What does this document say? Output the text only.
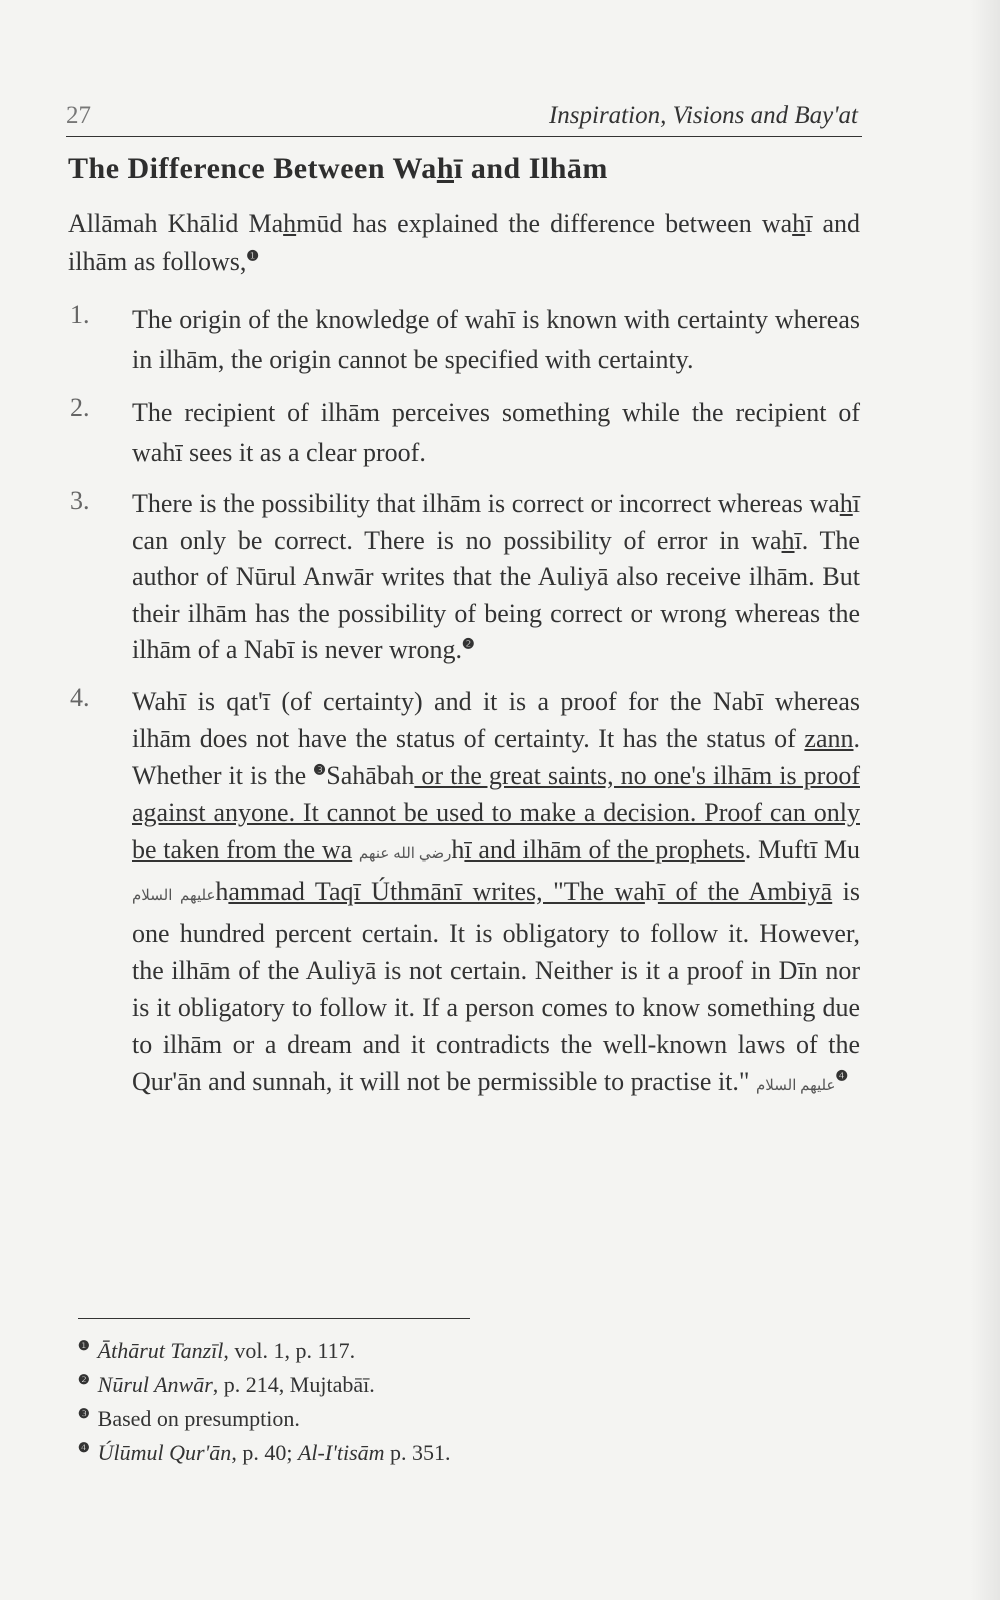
27	Inspiration, Visions and Bay'at
The Difference Between Wahī and Ilhām

Allāmah Khālid Mahmūd has explained the difference between wahī and ilhām as follows,$^❶$

1. The origin of the knowledge of wahī is known with certainty whereas in ilhām, the origin cannot be specified with certainty.
2. The recipient of ilhām perceives something while the recipient of wahī sees it as a clear proof.
3. There is the possibility that ilhām is correct or incorrect whereas wahī can only be correct. There is no possibility of error in wahī. The author of Nūrul Anwār writes that the Auliyā also receive ilhām. But their ilhām has the possibility of being correct or wrong whereas the ilhām of a Nabī is never wrong.$^❷$
4. Wahī is qat'ī (of certainty) and it is a proof for the Nabī whereas ilhām does not have the status of certainty. It has the status of zann. Whether it is the $^❸$Sahābah or the great saints, no one's ilhām is proof against anyone. It cannot be used to make a decision. Proof can only be taken from the wa رضي الله عنهمhī and ilhām of the prophets. Muftī Mu عليهم السلامhammad Taqī Úthmānī writes, "The wahī of the Ambiyā is one hundred percent certain. It is obligatory to follow it. However, the ilhām of the Auliyā is not certain. Neither is it a proof in Dīn nor is it obligatory to follow it. If a person comes to know something due to ilhām or a dream and it contradicts the well-known laws of the Qur'ān and sunnah, it will not be permissible to practise it." عليهم السلام$^❹$
$^❶$ Āthārut Tanzīl, vol. 1, p. 117.
$^❷$ Nūrul Anwār, p. 214, Mujtabāī.
$^❸$ Based on presumption.
$^❹$ Úlūmul Qur'ān, p. 40; Al-I'tisām p. 351.
